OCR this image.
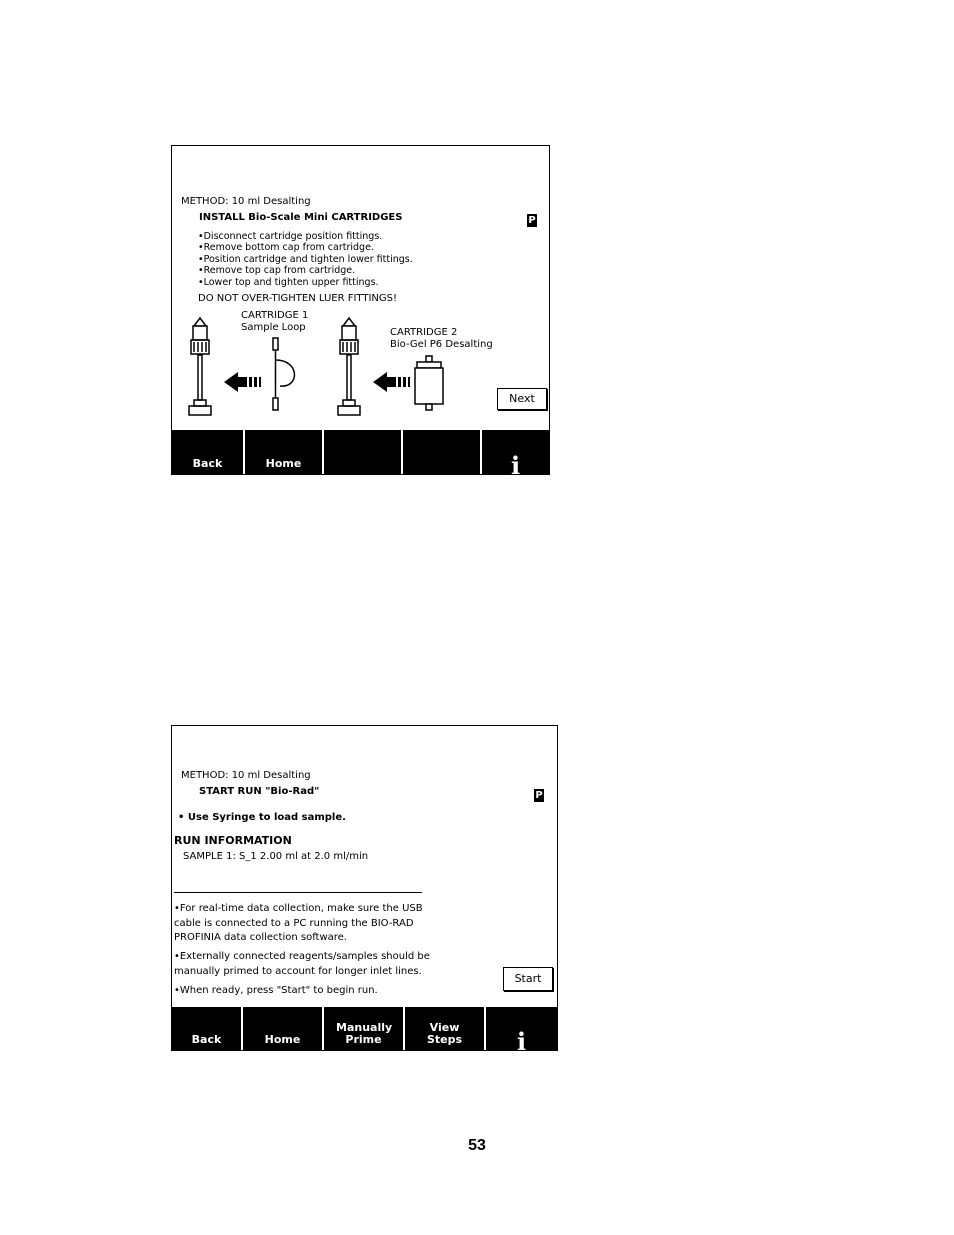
METHOD: 10 ml Desalting
INSTALL Bio-Scale Mini CARTRIDGES	P
• Disconnect cartridge position fittings.
• Remove bottom cap from cartridge.
• Position cartridge and tighten lower fittings.
• Remove top cap from cartridge.
• Lower top and tighten upper fittings.
DO NOT OVER-TIGHTEN LUER FITTINGS!
CARTRIDGE 1
Sample Loop	CARTRIDGE 2
Bio-Gel P6 Desalting
Next
Back	Home	i
METHOD: 10 ml Desalting
START RUN "Bio-Rad"	P
• Use Syringe to load sample.
RUN INFORMATION
SAMPLE 1: S_1 2.00 ml at 2.0 ml/min
•For real-time data collection, make sure the USB cable is connected to a PC running the BIO-RAD PROFINIA data collection software.
•Externally connected reagents/samples should be manually primed to account for longer inlet lines.
•When ready, press "Start" to begin run.
Start
Back	Home
Manually Prime
View Steps i
53
